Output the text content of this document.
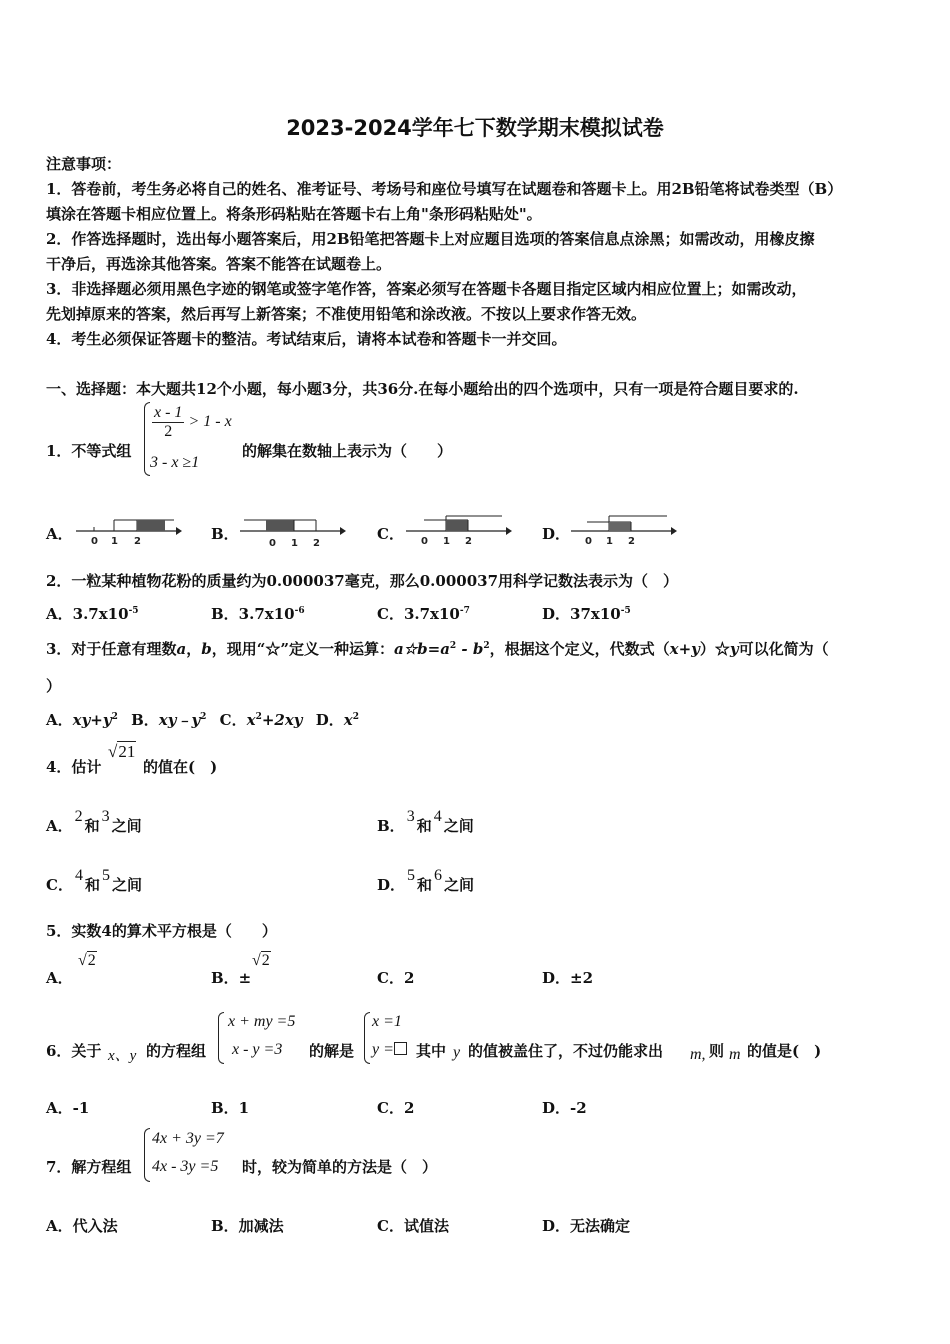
2023-2024学年七下数学期末模拟试卷
注意事项：
1．答卷前，考生务必将自己的姓名、准考证号、考场号和座位号填写在试题卷和答题卡上。用2B铅笔将试卷类型（B）
填涂在答题卡相应位置上。将条形码粘贴在答题卡右上角"条形码粘贴处"。
2．作答选择题时，选出每小题答案后，用2B铅笔把答题卡上对应题目选项的答案信息点涂黑；如需改动，用橡皮擦
干净后，再选涂其他答案。答案不能答在试题卷上。
3．非选择题必须用黑色字迹的钢笔或签字笔作答，答案必须写在答题卡各题目指定区域内相应位置上；如需改动，
先划掉原来的答案，然后再写上新答案；不准使用铅笔和涂改液。不按以上要求作答无效。
4．考生必须保证答题卡的整洁。考试结束后，请将本试卷和答题卡一并交回。
一、选择题：本大题共12个小题，每小题3分，共36分.在每小题给出的四个选项中，只有一项是符合题目要求的.
1．不等式组
$\frac{x - 1}{2} > 1 - x$
3 - x ≥1
的解集在数轴上表示为（　　）
A． 0 1 2	B．
0 1 2
C． 0 1 2	D． 0 1 2
2．一粒某种植物花粉的质量约为0.000037毫克，那么0.000037用科学记数法表示为（　）
A．$3.7x10^{-5}$	B．$3.7x10^{-6}$	C．$3.7x10^{-7}$	D．$37x10^{-5}$
3．对于任意有理数a，b，现用“☆”定义一种运算：$a☆b=a^2 - b^2$，根据这个定义，代数式（x+y）☆y可以化简为（
）
A．$xy+y^2$ B．$xy﹣y^2$ C．$x^2+2xy$ D．$x^2$
4．估计
√21
的值在(　)
A．2和3之间	B．3和4之间
C．4和5之间	D．5和6之间
5．实数4的算术平方根是（　　）
A．
√2
B．±
√2
C．2	D．±2
6．关于 x、y 的方程组
x + my =5
x - y =3 的解是
x =1
y =	其中 y 的值被盖住了，不过仍能求出 m, 则 m 的值是(　)
A．-1	B．1	C．2	D．-2
7．解方程组
4x + 3y =7
4x - 3y =5 时，较为简单的方法是（　）
A．代入法	B．加减法	C．试值法	D．无法确定
